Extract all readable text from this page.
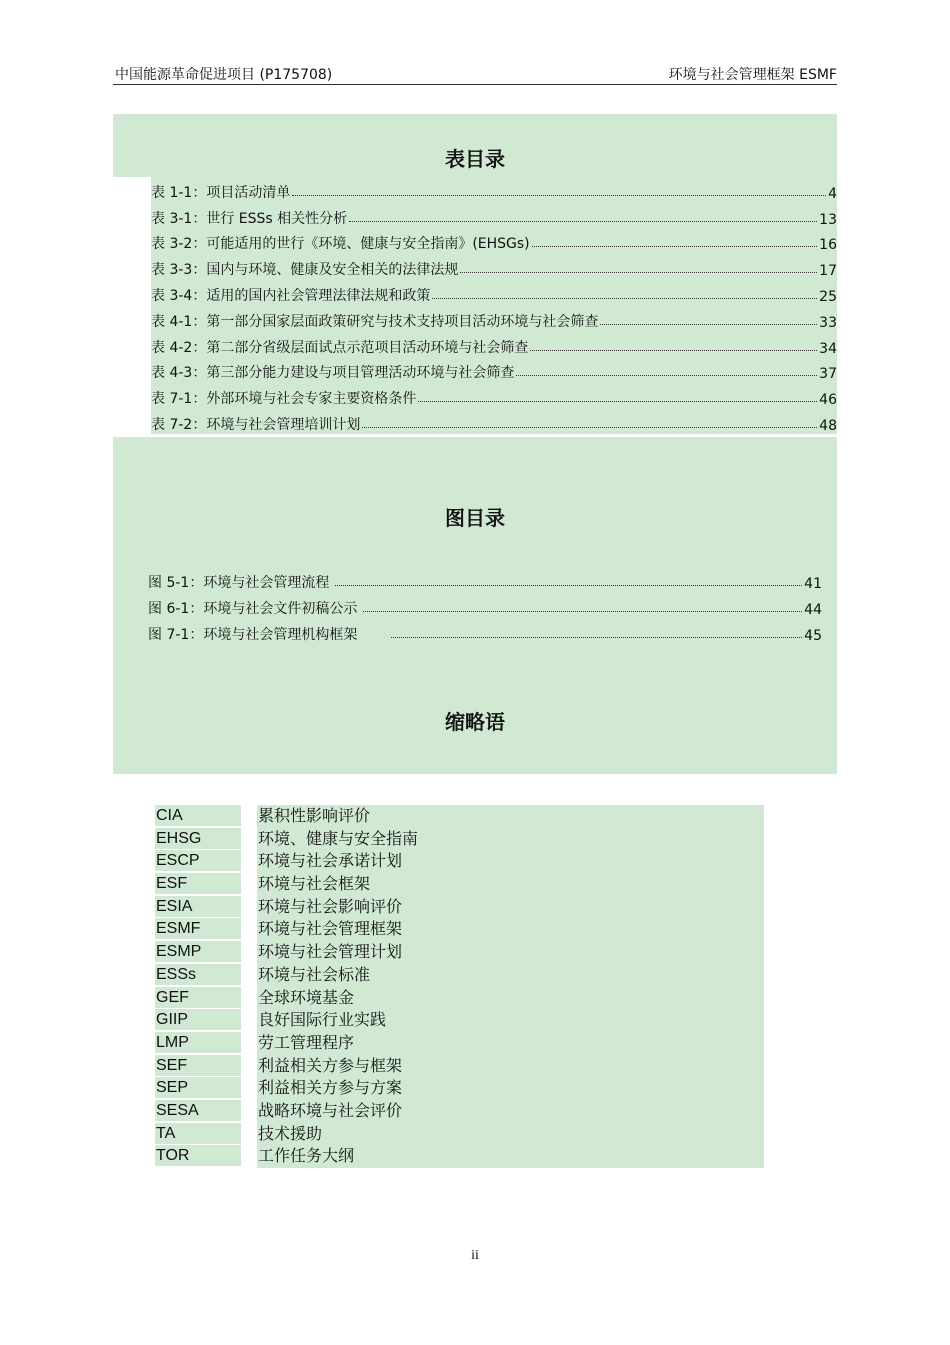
中国能源革命促进项目 (P175708)	环境与社会管理框架 ESMF
表目录
表 1-1：项目活动清单	4
表 3-1：世行 ESSs 相关性分析	13
表 3-2：可能适用的世行《环境、健康与安全指南》(EHSGs)	16
表 3-3：国内与环境、健康及安全相关的法律法规	17
表 3-4：适用的国内社会管理法律法规和政策	25
表 4-1：第一部分国家层面政策研究与技术支持项目活动环境与社会筛查	33
表 4-2：第二部分省级层面试点示范项目活动环境与社会筛查	34
表 4-3：第三部分能力建设与项目管理活动环境与社会筛查	37
表 7-1：外部环境与社会专家主要资格条件	46
表 7-2：环境与社会管理培训计划	48
图目录
图 5-1：环境与社会管理流程	41
图 6-1：环境与社会文件初稿公示	44
图 7-1：环境与社会管理机构框架	45
缩略语
CIA	累积性影响评价
EHSG	环境、健康与安全指南
ESCP	环境与社会承诺计划
ESF	环境与社会框架
ESIA	环境与社会影响评价
ESMF	环境与社会管理框架
ESMP	环境与社会管理计划
ESSs	环境与社会标准
GEF	全球环境基金
GIIP	良好国际行业实践
LMP	劳工管理程序
SEF	利益相关方参与框架
SEP	利益相关方参与方案
SESA	战略环境与社会评价
TA	技术援助
TOR	工作任务大纲
ii
